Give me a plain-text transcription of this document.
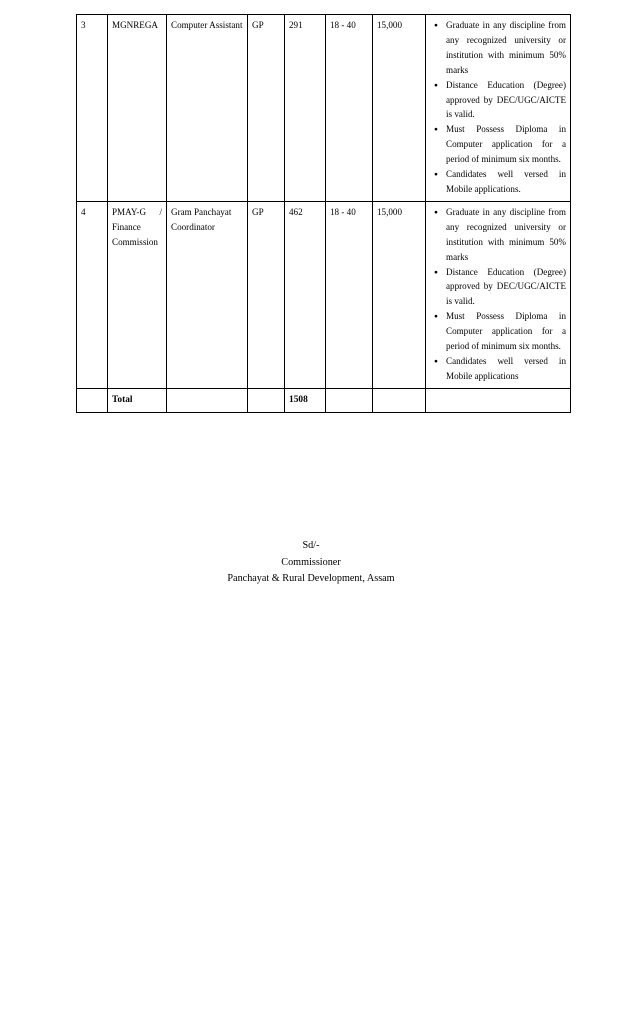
3	MGNREGA	Computer Assistant	GP	291	18 - 40	15,000	
●Graduate in any discipline from any recognized university or institution with minimum 50% marks
● Distance Education (Degree) approved by DEC/UGC/AICTE is valid.
● Must Possess Diploma in Computer application for a period of minimum six months.
● Candidates well versed in Mobile applications.

4	PMAY-G / Finance Commission	Gram Panchayat Coordinator	GP	462	18 - 40	15,000	
●Graduate in any discipline from any recognized university or institution with minimum 50% marks
● Distance Education (Degree) approved by DEC/UGC/AICTE is valid.
● Must Possess Diploma in Computer application for a period of minimum six months.
● Candidates well versed in Mobile applications

	Total			1508			
Sd/-
Commissioner
Panchayat & Rural Development, Assam
